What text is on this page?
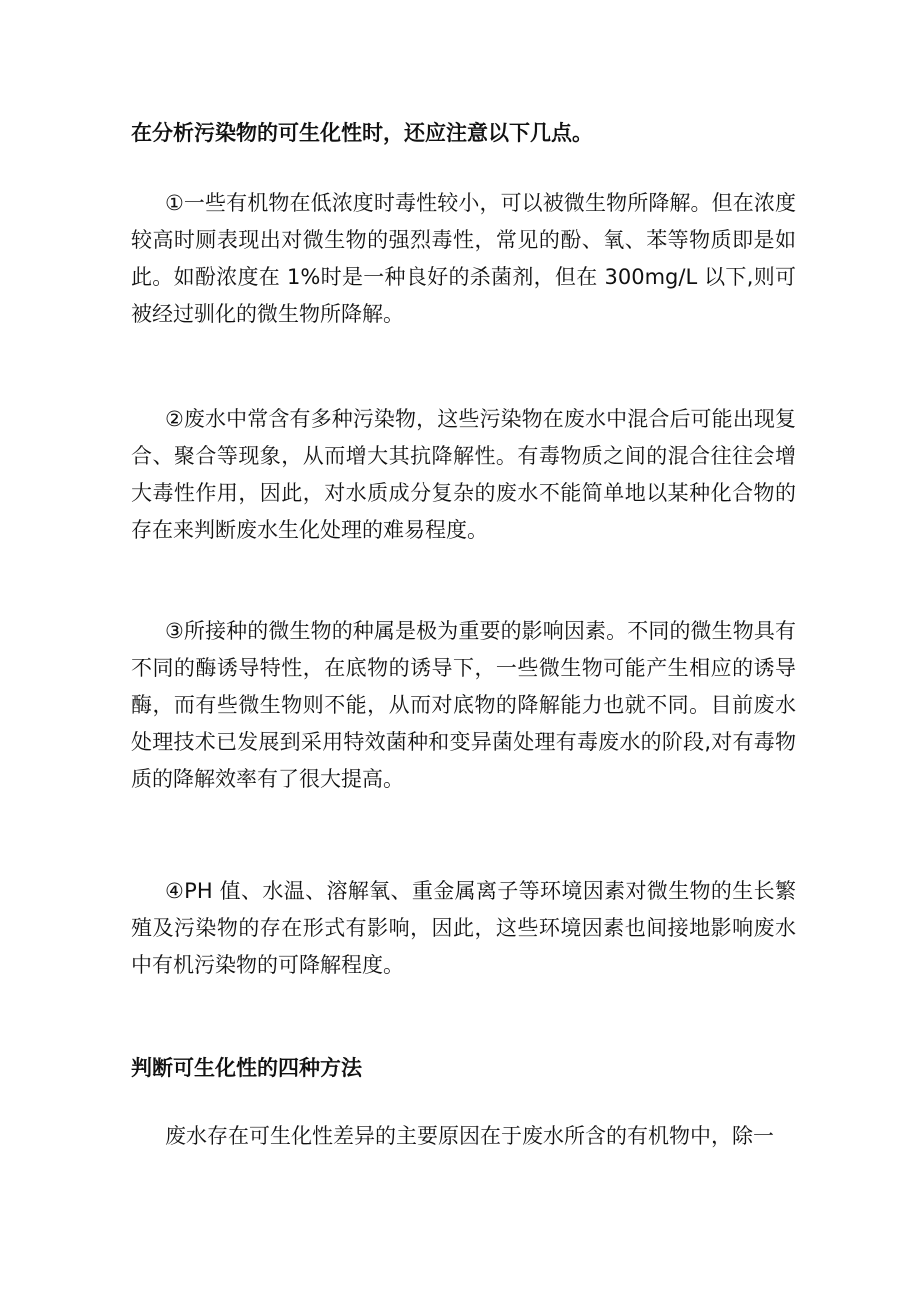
在分析污染物的可生化性时，还应注意以下几点。
①一些有机物在低浓度时毒性较小，可以被微生物所降解。但在浓度较高时厕表现出对微生物的强烈毒性，常见的酚、氧、苯等物质即是如此。如酚浓度在 1%时是一种良好的杀菌剂，但在 300mg/L 以下,则可被经过驯化的微生物所降解。
②废水中常含有多种污染物，这些污染物在废水中混合后可能出现复合、聚合等现象，从而增大其抗降解性。有毒物质之间的混合往往会增大毒性作用，因此，对水质成分复杂的废水不能简单地以某种化合物的存在来判断废水生化处理的难易程度。
③所接种的微生物的种属是极为重要的影响因素。不同的微生物具有不同的酶诱导特性，在底物的诱导下，一些微生物可能产生相应的诱导酶，而有些微生物则不能，从而对底物的降解能力也就不同。目前废水处理技术已发展到采用特效菌种和变异菌处理有毒废水的阶段,对有毒物质的降解效率有了很大提高。
④PH 值、水温、溶解氧、重金属离子等环境因素对微生物的生长繁殖及污染物的存在形式有影响，因此，这些环境因素也间接地影响废水中有机污染物的可降解程度。
判断可生化性的四种方法
废水存在可生化性差异的主要原因在于废水所含的有机物中，除一
